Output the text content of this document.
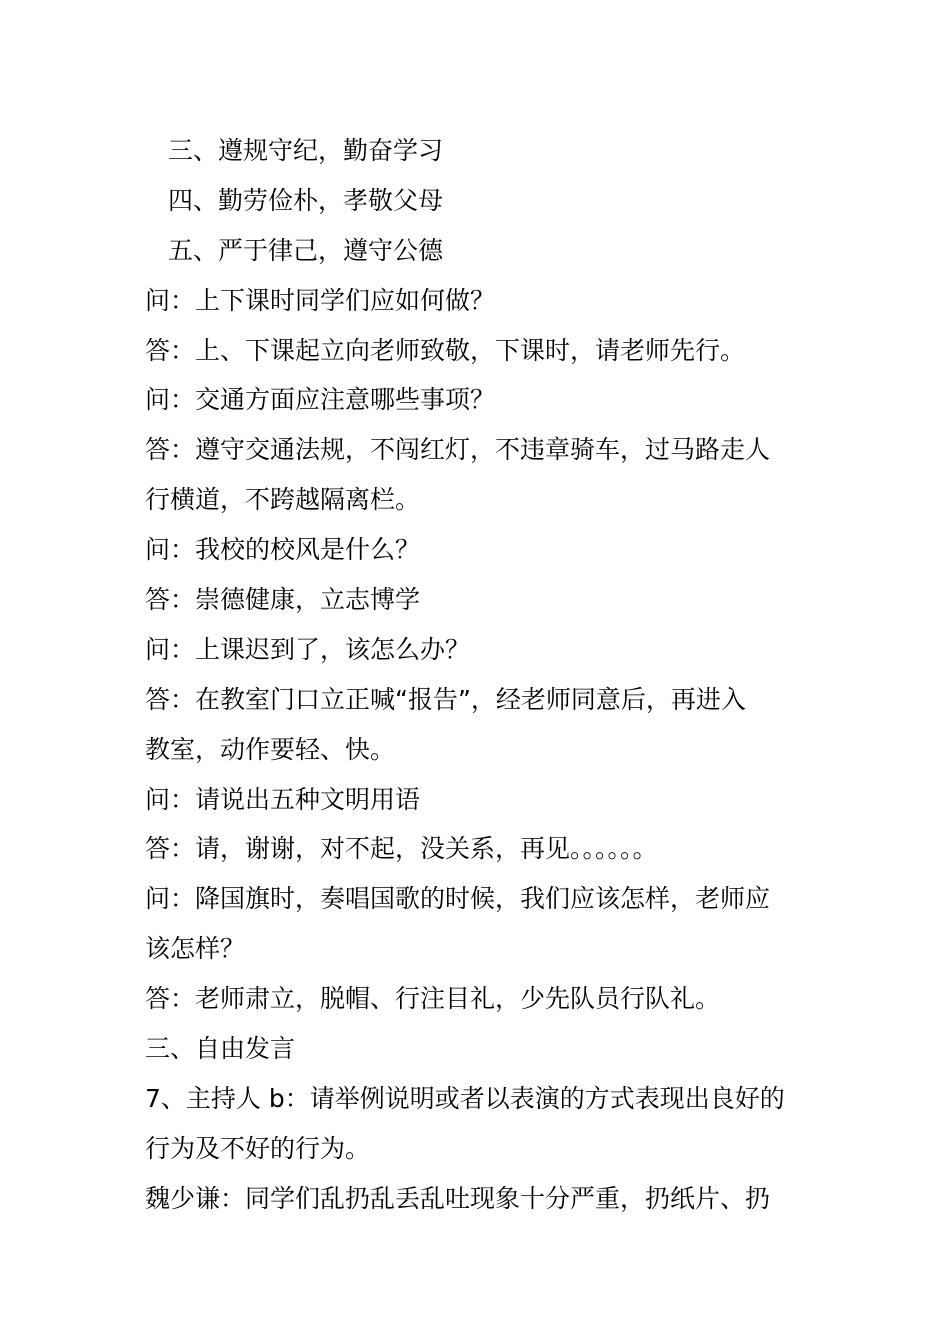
三、遵规守纪，勤奋学习
四、勤劳俭朴，孝敬父母
五、严于律己，遵守公德
问：上下课时同学们应如何做？
答：上、下课起立向老师致敬，下课时，请老师先行。
问：交通方面应注意哪些事项？
答：遵守交通法规，不闯红灯，不违章骑车，过马路走人
行横道，不跨越隔离栏。
问：我校的校风是什么？
答：崇德健康，立志博学
问：上课迟到了，该怎么办？
答：在教室门口立正喊“报告”，经老师同意后，再进入
教室，动作要轻、快。
问：请说出五种文明用语
答：请，谢谢，对不起，没关系，再见。。。。。。
问：降国旗时，奏唱国歌的时候，我们应该怎样，老师应
该怎样？
答：老师肃立，脱帽、行注目礼，少先队员行队礼。
三、自由发言
7、主持人 b：请举例说明或者以表演的方式表现出良好的
行为及不好的行为。
魏少谦：同学们乱扔乱丢乱吐现象十分严重，扔纸片、扔
